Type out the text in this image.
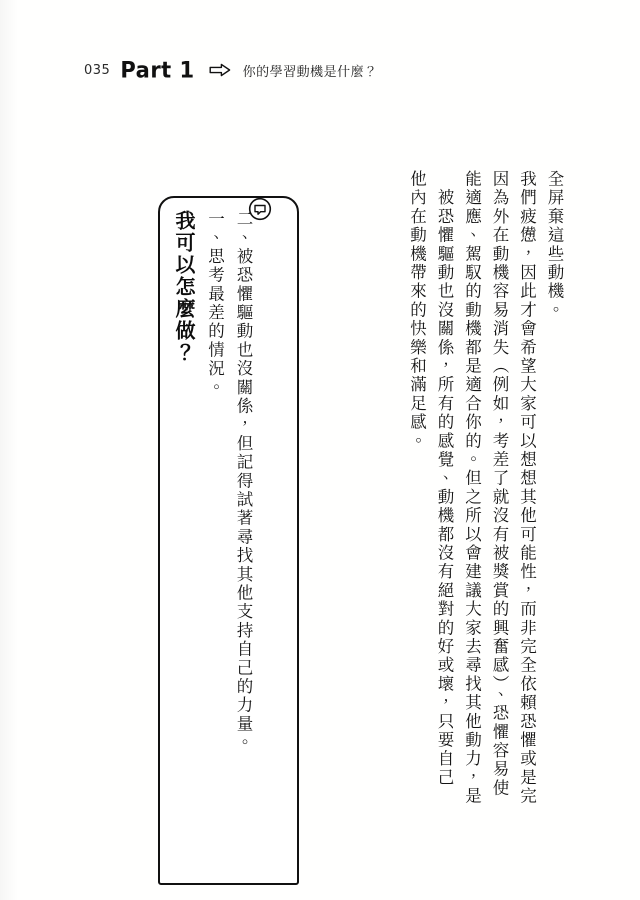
035 Part 1	你的學習動機是什麼？
他內在動機帶來的快樂和滿足感。 　被恐懼驅動也沒關係，所有的感覺、動機都沒有絕對的好或壞，只要自己 能適應、駕馭的動機都是適合你的。但之所以會建議大家去尋找其他動力，是 因為外在動機容易消失（例如，考差了就沒有被獎賞的興奮感）、恐懼容易使 我們疲憊，因此才會希望大家可以想想其他可能性，而非完全依賴恐懼或是完 全屏棄這些動機。
我可以怎麼做？ 一、思考最差的情況。 二、被恐懼驅動也沒關係，但記得試著尋找其他支持自己的力量。
